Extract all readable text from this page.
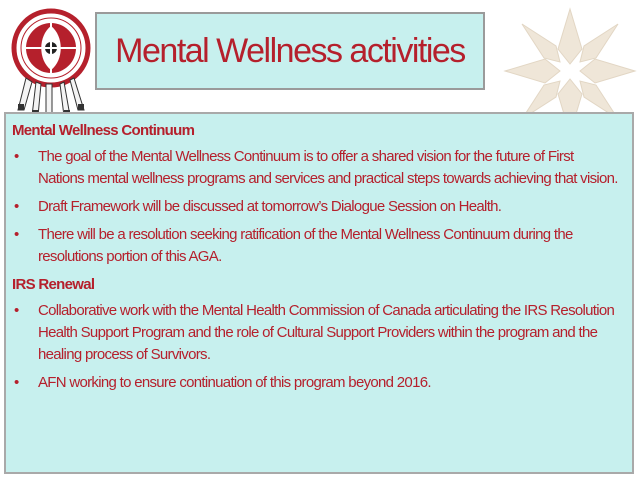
Mental Wellness activities
Mental Wellness Continuum
• The goal of the Mental Wellness Continuum is to offer a shared vision for the future of First Nations mental wellness programs and services and practical steps towards achieving that vision.
• Draft Framework will be discussed at tomorrow’s Dialogue Session on Health.
• There will be a resolution seeking ratification of the Mental Wellness Continuum during the resolutions portion of this AGA.
IRS Renewal
• Collaborative work with the Mental Health Commission of Canada articulating the IRS Resolution Health Support Program and the role of Cultural Support Providers within the program and the healing process of Survivors.
• AFN working to ensure continuation of this program beyond 2016.
